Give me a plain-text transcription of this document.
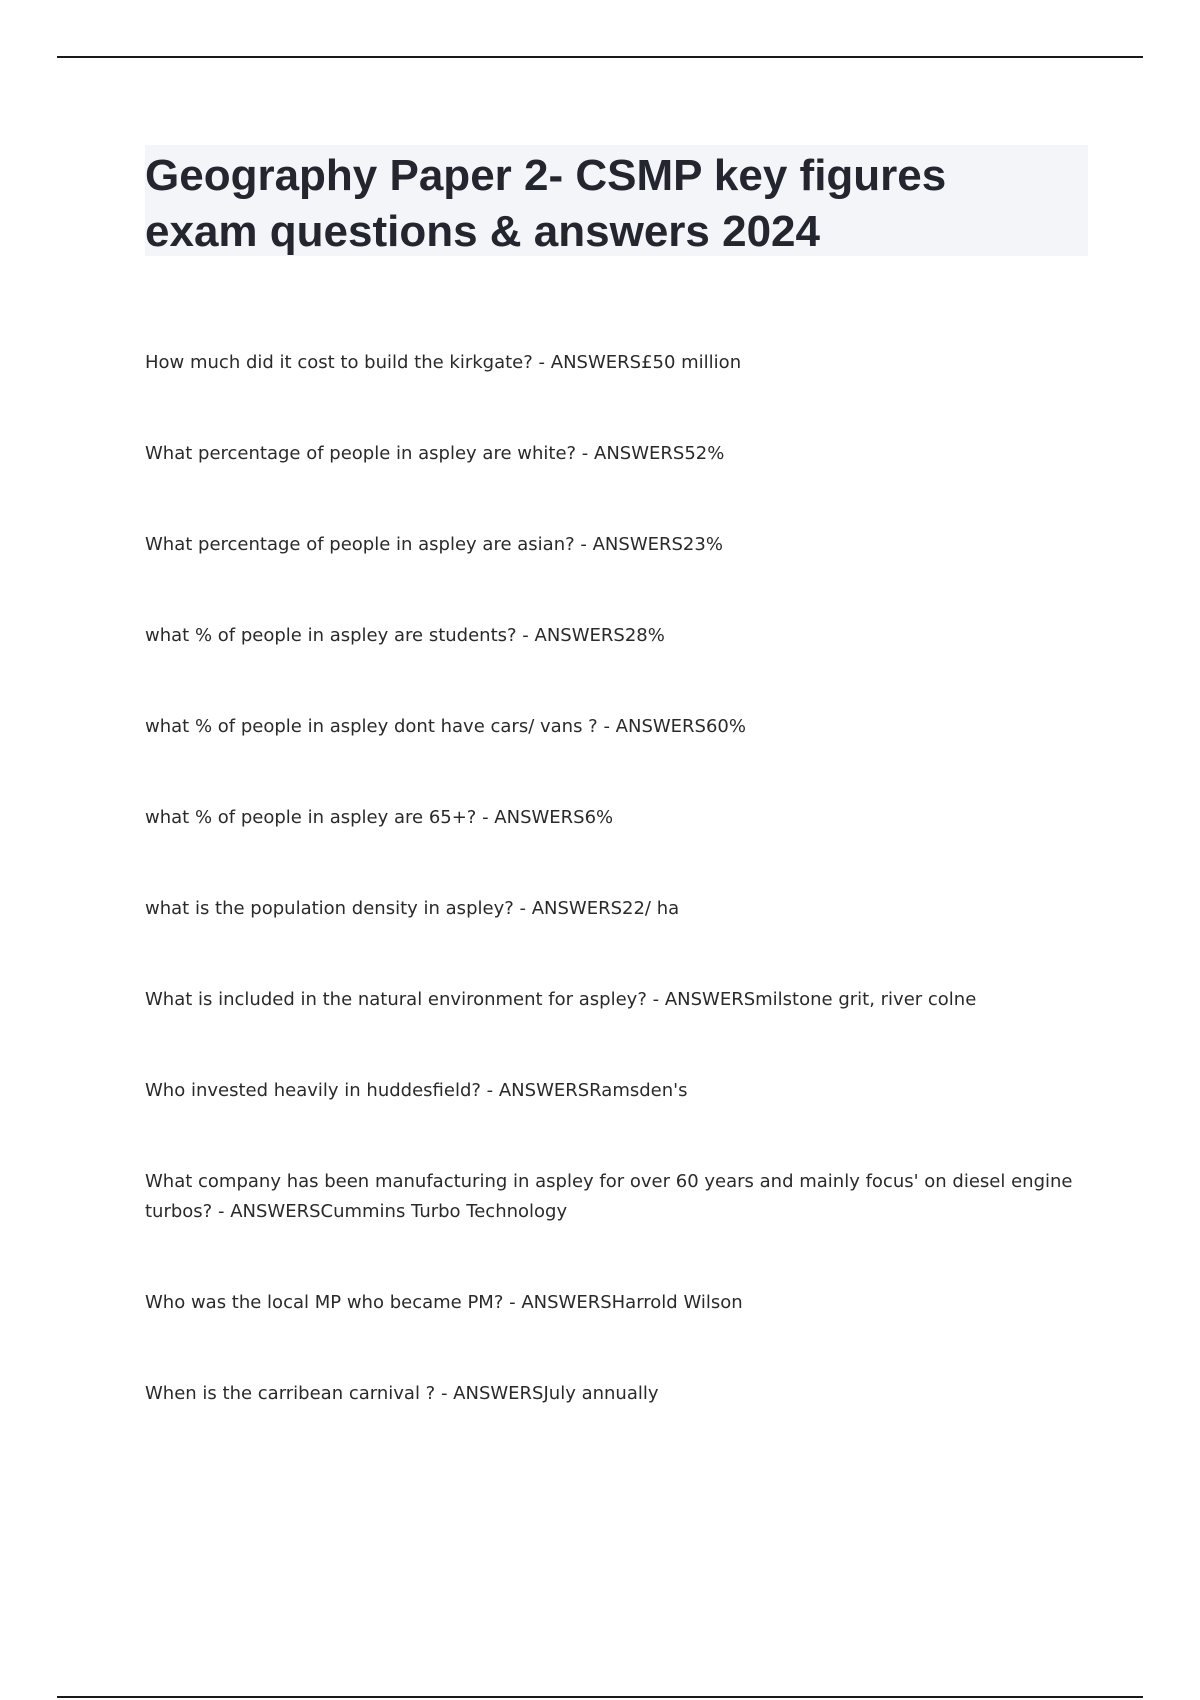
Geography Paper 2- CSMP key figures
exam questions & answers 2024

How much did it cost to build the kirkgate? - ANSWERS£50 million

What percentage of people in aspley are white? - ANSWERS52%

What percentage of people in aspley are asian? - ANSWERS23%

what % of people in aspley are students? - ANSWERS28%

what % of people in aspley dont have cars/ vans ? - ANSWERS60%

what % of people in aspley are 65+? - ANSWERS6%

what is the population density in aspley? - ANSWERS22/ ha

What is included in the natural environment for aspley? - ANSWERSmilstone grit, river colne

Who invested heavily in huddesfield? - ANSWERSRamsden's

What company has been manufacturing in aspley for over 60 years and mainly focus' on diesel engine turbos? - ANSWERSCummins Turbo Technology

Who was the local MP who became PM? - ANSWERSHarrold Wilson

When is the carribean carnival ? - ANSWERSJuly annually
